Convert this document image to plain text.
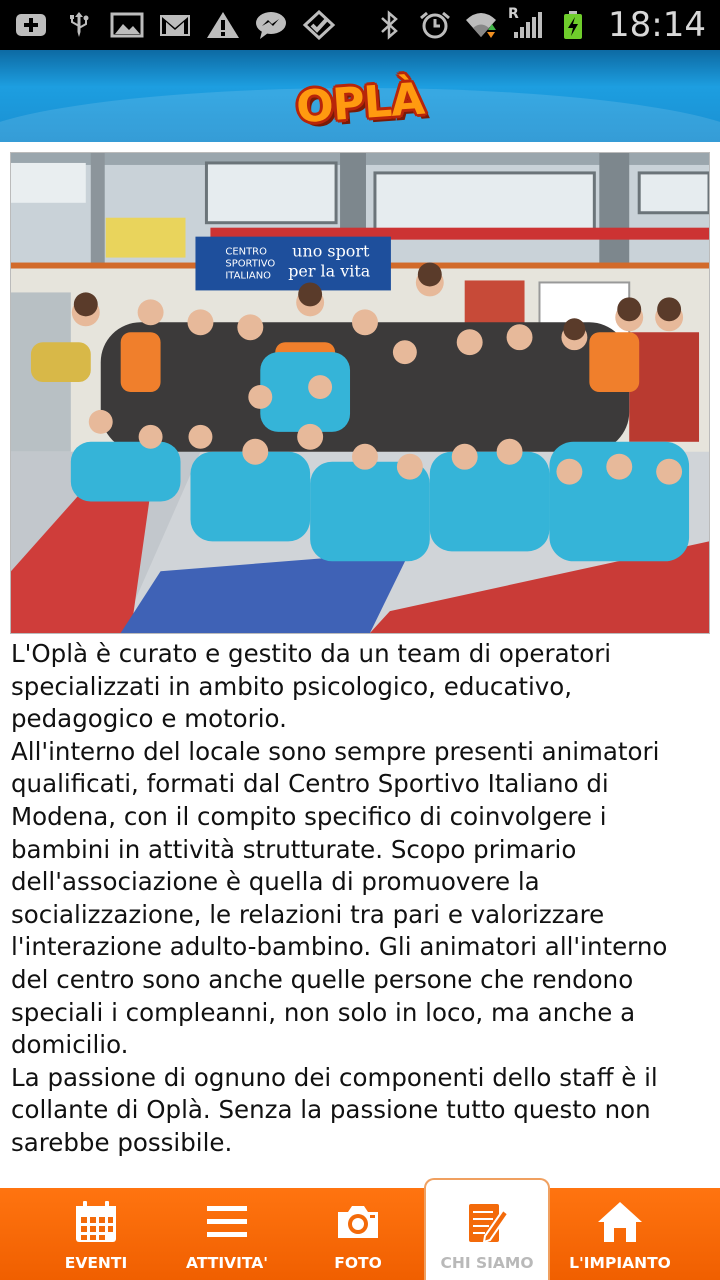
R	18:14
OPLÀ
CENTRO
SPORTIVO
ITALIANO
uno sport
per la vita

L'Oplà è curato e gestito da un team di operatori specializzati in ambito psicologico, educativo, pedagogico e motorio.

All'interno del locale sono sempre presenti animatori qualificati, formati dal Centro Sportivo Italiano di Modena, con il compito specifico di coinvolgere i bambini in attività strutturate. Scopo primario dell'associazione è quella di promuovere la socializzazione, le relazioni tra pari e valorizzare l'interazione adulto-bambino. Gli animatori all'interno del centro sono anche quelle persone che rendono speciali i compleanni, non solo in loco, ma anche a domicilio.

La passione di ognuno dei componenti dello staff è il collante di Oplà. Senza la passione tutto questo non sarebbe possibile.

EVENTI	ATTIVITA'	FOTO	CHI SIAMO L'IMPIANTO
